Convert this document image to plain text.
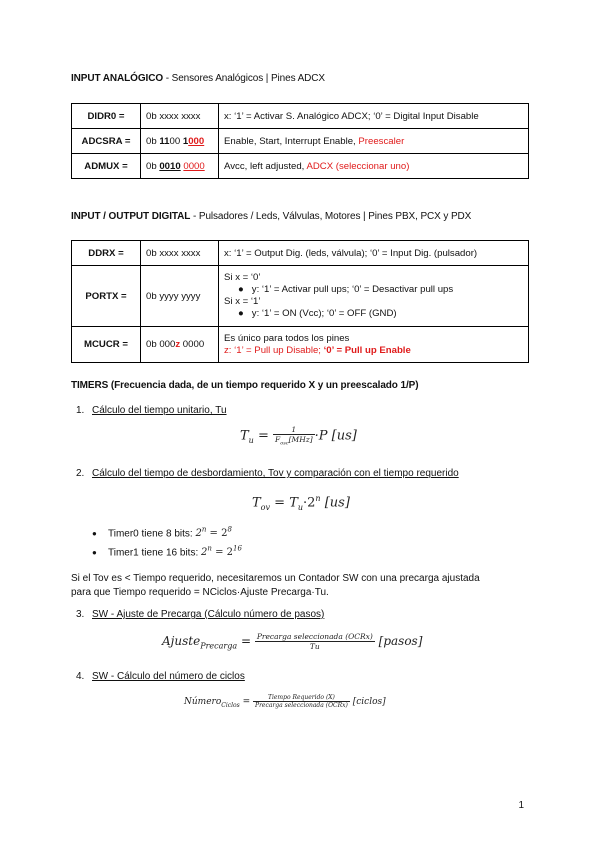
INPUT ANALÓGICO - Sensores Analógicos | Pines ADCX
DIDR0 =	0b xxxx xxxx	x: ‘1’ = Activar S. Analógico ADCX; ‘0’ = Digital Input Disable
ADCSRA =	0b 1100 1000	Enable, Start, Interrupt Enable, Preescaler
ADMUX =	0b 0010 0000	Avcc, left adjusted, ADCX (seleccionar uno)
INPUT / OUTPUT DIGITAL - Pulsadores / Leds, Válvulas, Motores | Pines PBX, PCX y PDX
DDRX =	0b xxxx xxxx	x: ‘1’ = Output Dig. (leds, válvula); ‘0’ = Input Dig. (pulsador)
PORTX =	0b yyyy yyyy	Si x = ‘0’
●   y: ‘1’ = Activar pull ups; ‘0’ = Desactivar pull ups
Si x = ‘1’
●   y: ‘1’ = ON (Vcc); ‘0’ = OFF (GND)

MCUCR =	0b 000z 0000	Es único para todos los pines
z: ‘1’ = Pull up Disable; ‘0’ = Pull up Enable
TIMERS (Frecuencia dada, de un tiempo requerido X y un preescalado 1/P)
1. Cálculo del tiempo unitario, Tu
$T_u = \frac{1}{F_{osc}[MHz]} \cdot P$ [us]
2. Cálculo del tiempo de desbordamiento, Tov y comparación con el tiempo requerido
$T_{ov} = T_u\cdot 2^n$ [us]
● Timer0 tiene 8 bits: $2^n = 2^8$
● Timer1 tiene 16 bits: $2^n = 2^{16}$
Si el Tov es < Tiempo requerido, necesitaremos un Contador SW con una precarga ajustada
para que Tiempo requerido = NCiclos·Ajuste Precarga·Tu.
3. SW - Ajuste de Precarga (Cálculo número de pasos)
Ajuste$_{Precarga}$ = $\frac{\text{Precarga seleccionada (OCRx)}}{Tu}$ [pasos]
4. SW - Cálculo del número de ciclos
Número$_{Ciclos}$ = $\frac{\text{Tiempo Requerido (X)}}{\text{Precarga seleccionada (OCRx)}}$ [ciclos]
1
